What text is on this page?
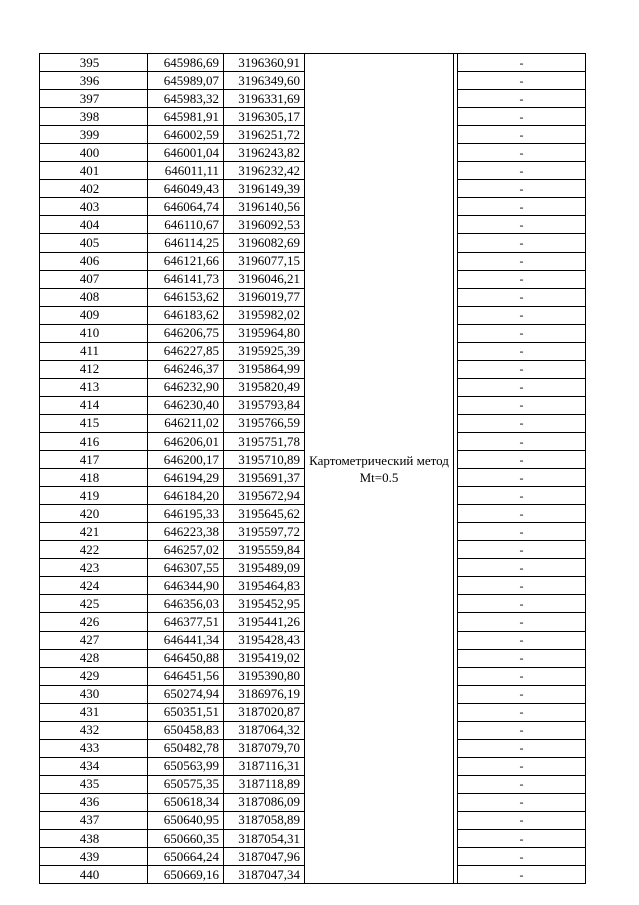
395	645986,69	3196360,91	Картометрический метод Mt=0.5		-
396	645989,07	3196349,60			-
397	645983,32	3196331,69			-
398	645981,91	3196305,17			-
399	646002,59	3196251,72			-
400	646001,04	3196243,82			-
401	646011,11	3196232,42			-
402	646049,43	3196149,39			-
403	646064,74	3196140,56			-
404	646110,67	3196092,53			-
405	646114,25	3196082,69			-
406	646121,66	3196077,15			-
407	646141,73	3196046,21			-
408	646153,62	3196019,77			-
409	646183,62	3195982,02			-
410	646206,75	3195964,80			-
411	646227,85	3195925,39			-
412	646246,37	3195864,99			-
413	646232,90	3195820,49			-
414	646230,40	3195793,84			-
415	646211,02	3195766,59			-
416	646206,01	3195751,78			-
417	646200,17	3195710,89			-
418	646194,29	3195691,37			-
419	646184,20	3195672,94			-
420	646195,33	3195645,62			-
421	646223,38	3195597,72			-
422	646257,02	3195559,84			-
423	646307,55	3195489,09			-
424	646344,90	3195464,83			-
425	646356,03	3195452,95			-
426	646377,51	3195441,26			-
427	646441,34	3195428,43			-
428	646450,88	3195419,02			-
429	646451,56	3195390,80			-
430	650274,94	3186976,19			-
431	650351,51	3187020,87			-
432	650458,83	3187064,32			-
433	650482,78	3187079,70			-
434	650563,99	3187116,31			-
435	650575,35	3187118,89			-
436	650618,34	3187086,09			-
437	650640,95	3187058,89			-
438	650660,35	3187054,31			-
439	650664,24	3187047,96			-
440	650669,16	3187047,34			-
